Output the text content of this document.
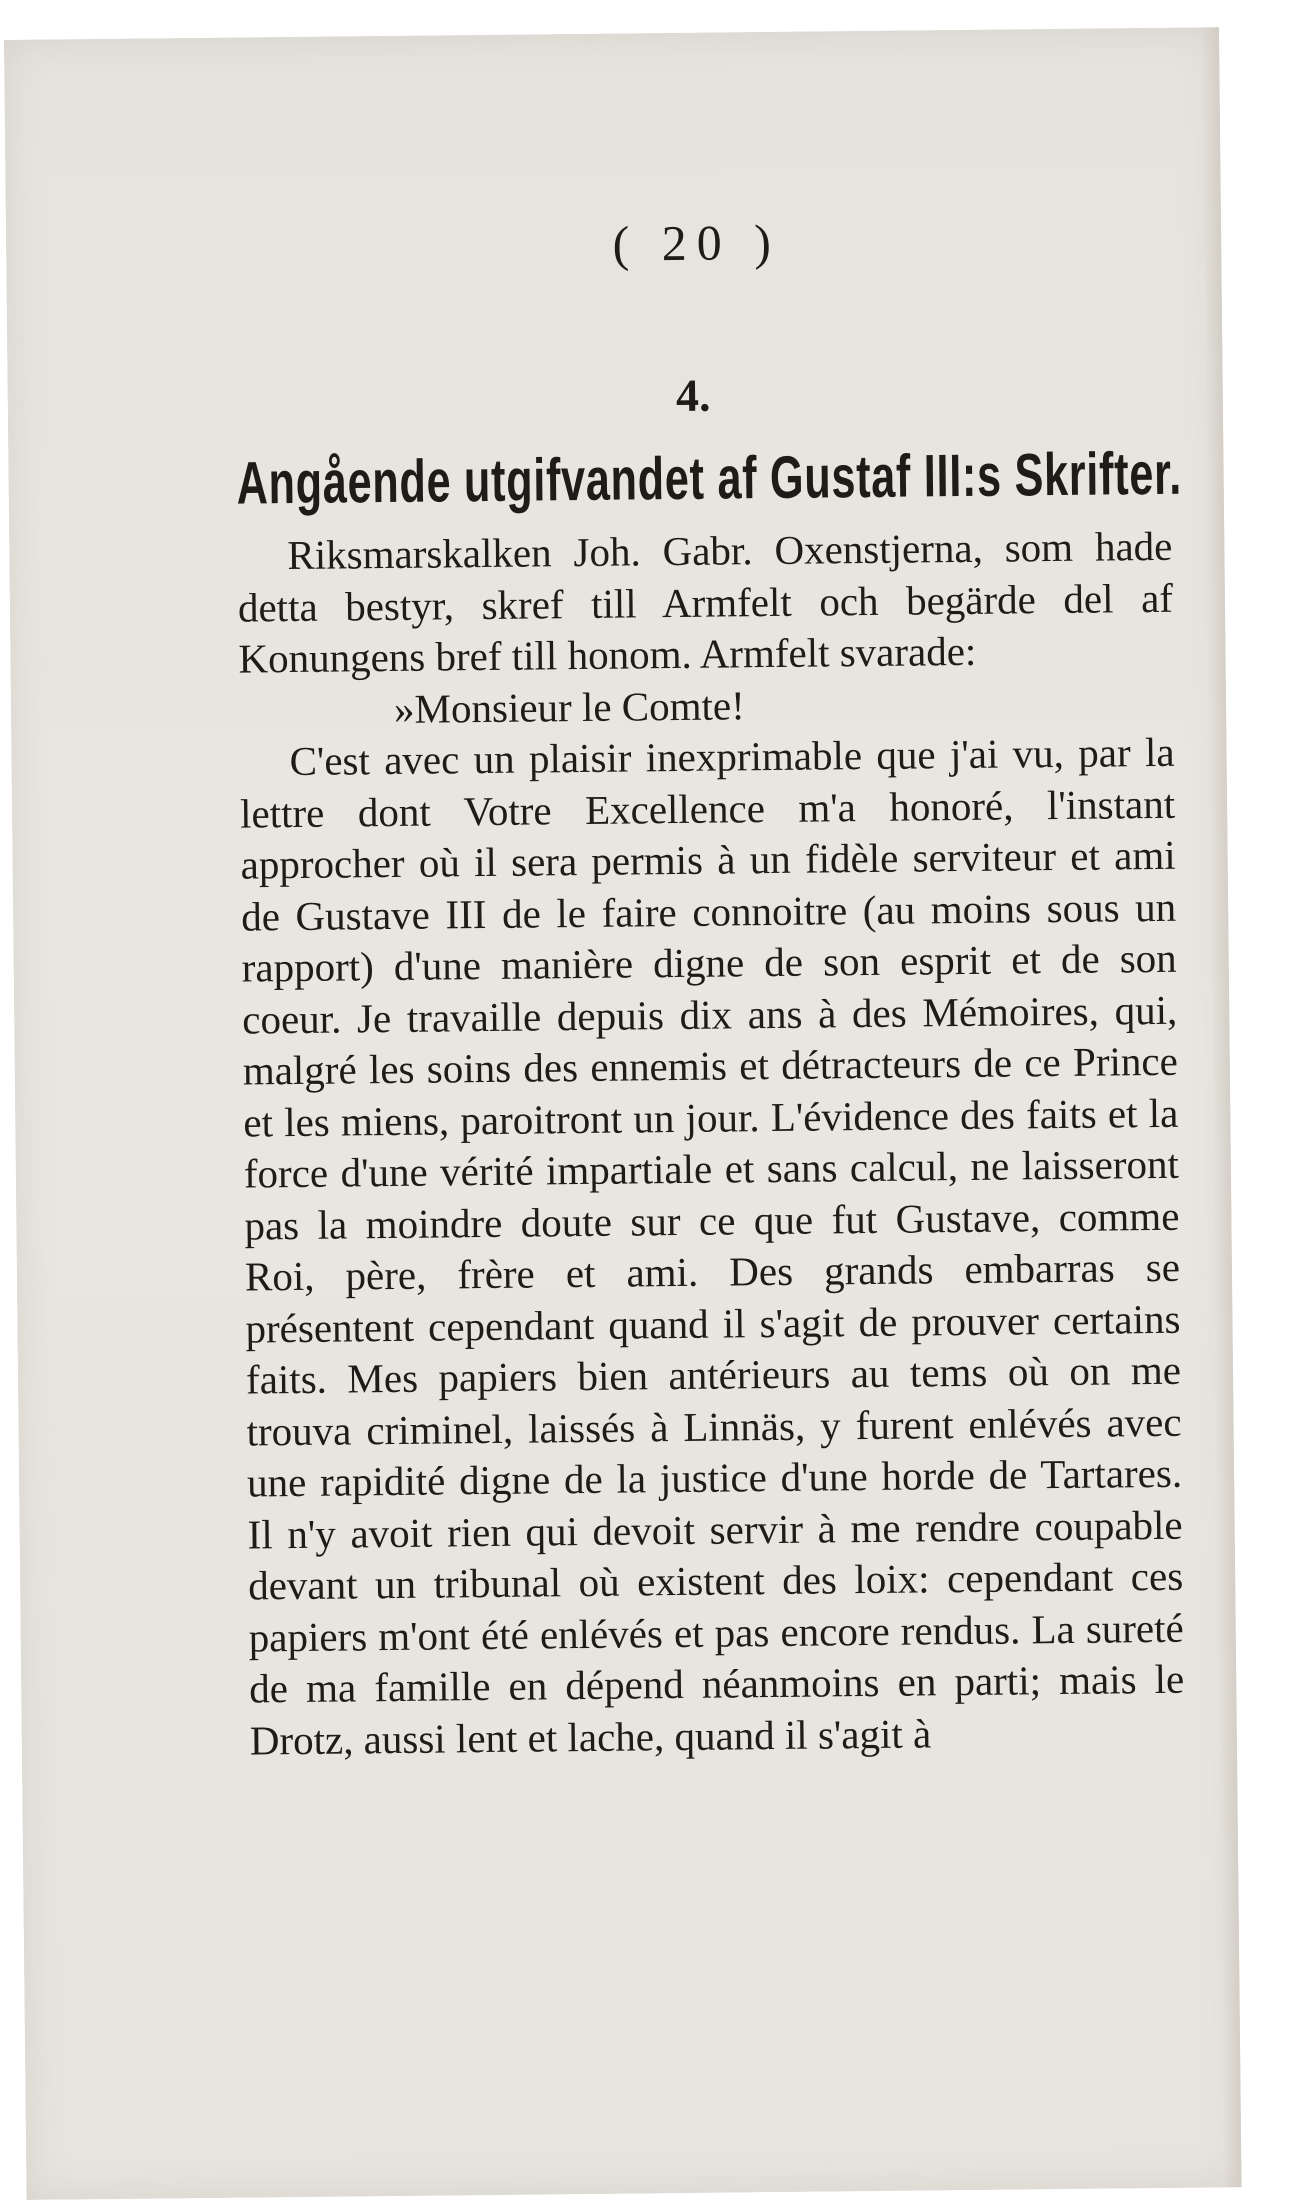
( 20 )
4.
Angående utgifvandet af Gustaf III:s Skrifter.

Riksmarskalken Joh. Gabr. Oxenstjerna, som hade detta bestyr, skref till Armfelt och begärde del af Konungens bref till honom. Armfelt svarade:

»Monsieur le Comte!

C'est avec un plaisir inexprimable que j'ai vu, par la lettre dont Votre Excellence m'a honoré, l'instant approcher où il sera permis à un fidèle serviteur et ami de Gustave III de le faire connoitre (au moins sous un rapport) d'une manière digne de son esprit et de son coeur. Je travaille depuis dix ans à des Mémoires, qui, malgré les soins des ennemis et détracteurs de ce Prince et les miens, paroitront un jour. L'évidence des faits et la force d'une vérité impartiale et sans calcul, ne laisseront pas la moindre doute sur ce que fut Gustave, comme Roi, père, frère et ami. Des grands embarras se présentent cependant quand il s'agit de prouver certains faits. Mes papiers bien antérieurs au tems où on me trouva criminel, laissés à Linnäs, y furent enlévés avec une rapidité digne de la justice d'une horde de Tartares. Il n'y avoit rien qui devoit servir à me rendre coupable devant un tribunal où existent des loix: cependant ces papiers m'ont été enlévés et pas encore rendus. La sureté de ma famille en dépend néanmoins en parti; mais le Drotz, aussi lent et lache, quand il s'agit à
